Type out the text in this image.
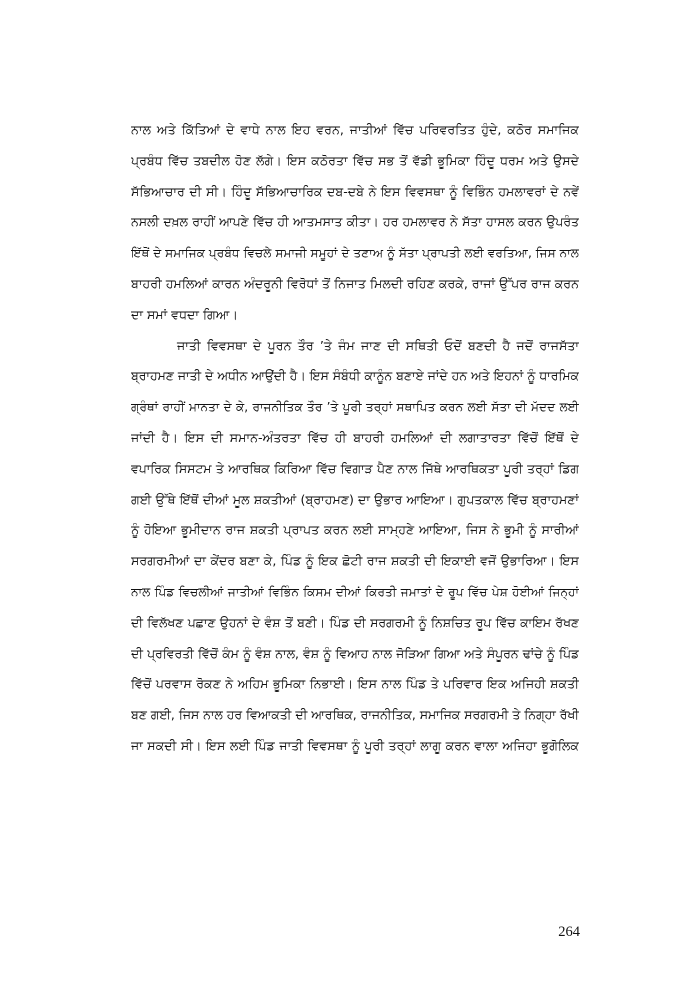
ਨਾਲ ਅਤੇ ਕਿੱਤਿਆਂ ਦੇ ਵਾਧੇ ਨਾਲ ਇਹ ਵਰਨ, ਜਾਤੀਆਂ ਵਿੱਚ ਪਰਿਵਰਤਿਤ ਹੁੰਦੇ, ਕਠੋਰ ਸਮਾਜਿਕ
ਪ੍ਰਬੰਧ ਵਿੱਚ ਤਬਦੀਲ ਹੋਣ ਲੱਗੇ। ਇਸ ਕਠੋਰਤਾ ਵਿੱਚ ਸਭ ਤੋਂ ਵੱਡੀ ਭੂਮਿਕਾ ਹਿੰਦੂ ਧਰਮ ਅਤੇ ਉਸਦੇ
ਸੱਭਿਆਚਾਰ ਦੀ ਸੀ। ਹਿੰਦੂ ਸੱਭਿਆਚਾਰਿਕ ਦਬ-ਦਬੇ ਨੇ ਇਸ ਵਿਵਸਥਾ ਨੂੰ ਵਿਭਿੰਨ ਹਮਲਾਵਰਾਂ ਦੇ ਨਵੇਂ
ਨਸਲੀ ਦਖ਼ਲ ਰਾਹੀਂ ਆਪਣੇ ਵਿੱਚ ਹੀ ਆਤਮਸਾਤ ਕੀਤਾ। ਹਰ ਹਮਲਾਵਰ ਨੇ ਸੱਤਾ ਹਾਸਲ ਕਰਨ ਉਪਰੰਤ
ਇੱਥੋਂ ਦੇ ਸਮਾਜਿਕ ਪ੍ਰਬੰਧ ਵਿਚਲੇ ਸਮਾਜੀ ਸਮੂਹਾਂ ਦੇ ਤਣਾਅ ਨੂੰ ਸੱਤਾ ਪ੍ਰਾਪਤੀ ਲਈ ਵਰਤਿਆ, ਜਿਸ ਨਾਲ
ਬਾਹਰੀ ਹਮਲਿਆਂ ਕਾਰਨ ਅੰਦਰੂਨੀ ਵਿਰੋਧਾਂ ਤੋਂ ਨਿਜਾਤ ਮਿਲਦੀ ਰਹਿਣ ਕਰਕੇ, ਰਾਜਾਂ ਉੱਪਰ ਰਾਜ ਕਰਨ
ਦਾ ਸਮਾਂ ਵਧਦਾ ਗਿਆ।

ਜਾਤੀ ਵਿਵਸਥਾ ਦੇ ਪੂਰਨ ਤੌਰ ’ਤੇ ਜੰਮ ਜਾਣ ਦੀ ਸਥਿਤੀ ਓਦੋਂ ਬਣਦੀ ਹੈ ਜਦੋਂ ਰਾਜਸੱਤਾ
ਬ੍ਰਾਹਮਣ ਜਾਤੀ ਦੇ ਅਧੀਨ ਆਉਂਦੀ ਹੈ। ਇਸ ਸੰਬੰਧੀ ਕਾਨੂੰਨ ਬਣਾਏ ਜਾਂਦੇ ਹਨ ਅਤੇ ਇਹਨਾਂ ਨੂੰ ਧਾਰਮਿਕ
ਗ੍ਰੰਥਾਂ ਰਾਹੀਂ ਮਾਨਤਾ ਦੇ ਕੇ, ਰਾਜਨੀਤਿਕ ਤੌਰ ’ਤੇ ਪੂਰੀ ਤਰ੍ਹਾਂ ਸਥਾਪਿਤ ਕਰਨ ਲਈ ਸੱਤਾ ਦੀ ਮੱਦਦ ਲਈ
ਜਾਂਦੀ ਹੈ। ਇਸ ਦੀ ਸਮਾਨ-ਅੰਤਰਤਾ ਵਿੱਚ ਹੀ ਬਾਹਰੀ ਹਮਲਿਆਂ ਦੀ ਲਗਾਤਾਰਤਾ ਵਿੱਚੋਂ ਇੱਥੋਂ ਦੇ
ਵਪਾਰਿਕ ਸਿਸਟਮ ਤੇ ਆਰਥਿਕ ਕਿਰਿਆ ਵਿੱਚ ਵਿਗਾੜ ਪੈਣ ਨਾਲ ਜਿੱਥੇ ਆਰਥਿਕਤਾ ਪੂਰੀ ਤਰ੍ਹਾਂ ਡਿਗ
ਗਈ ਉੱਥੇ ਇੱਥੋਂ ਦੀਆਂ ਮੂਲ ਸ਼ਕਤੀਆਂ (ਬ੍ਰਾਹਮਣ) ਦਾ ਉਭਾਰ ਆਇਆ। ਗੁਪਤਕਾਲ ਵਿੱਚ ਬ੍ਰਾਹਮਣਾਂ
ਨੂੰ ਹੋਇਆ ਭੂਮੀਦਾਨ ਰਾਜ ਸ਼ਕਤੀ ਪ੍ਰਾਪਤ ਕਰਨ ਲਈ ਸਾਮ੍ਹਣੇ ਆਇਆ, ਜਿਸ ਨੇ ਭੂਮੀ ਨੂੰ ਸਾਰੀਆਂ
ਸਰਗਰਮੀਆਂ ਦਾ ਕੇਂਦਰ ਬਣਾ ਕੇ, ਪਿੰਡ ਨੂੰ ਇਕ ਛੋਟੀ ਰਾਜ ਸ਼ਕਤੀ ਦੀ ਇਕਾਈ ਵਜੋਂ ਉਭਾਰਿਆ। ਇਸ
ਨਾਲ ਪਿੰਡ ਵਿਚਲੀਆਂ ਜਾਤੀਆਂ ਵਿਭਿੰਨ ਕਿਸਮ ਦੀਆਂ ਕਿਰਤੀ ਜਮਾਤਾਂ ਦੇ ਰੂਪ ਵਿੱਚ ਪੇਸ਼ ਹੋਈਆਂ ਜਿਨ੍ਹਾਂ
ਦੀ ਵਿਲੱਖਣ ਪਛਾਣ ਉਹਨਾਂ ਦੇ ਵੰਸ਼ ਤੋਂ ਬਣੀ। ਪਿੰਡ ਦੀ ਸਰਗਰਮੀ ਨੂੰ ਨਿਸ਼ਚਿਤ ਰੂਪ ਵਿੱਚ ਕਾਇਮ ਰੱਖਣ
ਦੀ ਪ੍ਰਵਿਰਤੀ ਵਿੱਚੋਂ ਕੰਮ ਨੂੰ ਵੰਸ਼ ਨਾਲ, ਵੰਸ਼ ਨੂੰ ਵਿਆਹ ਨਾਲ ਜੋੜਿਆ ਗਿਆ ਅਤੇ ਸੰਪੂਰਨ ਢਾਂਚੇ ਨੂੰ ਪਿੰਡ
ਵਿੱਚੋਂ ਪਰਵਾਸ ਰੋਕਣ ਨੇ ਅਹਿਮ ਭੂਮਿਕਾ ਨਿਭਾਈ। ਇਸ ਨਾਲ ਪਿੰਡ ਤੇ ਪਰਿਵਾਰ ਇਕ ਅਜਿਹੀ ਸ਼ਕਤੀ
ਬਣ ਗਈ, ਜਿਸ ਨਾਲ ਹਰ ਵਿਆਕਤੀ ਦੀ ਆਰਥਿਕ, ਰਾਜਨੀਤਿਕ, ਸਮਾਜਿਕ ਸਰਗਰਮੀ ਤੇ ਨਿਗ੍ਹਾ ਰੱਖੀ
ਜਾ ਸਕਦੀ ਸੀ। ਇਸ ਲਈ ਪਿੰਡ ਜਾਤੀ ਵਿਵਸਥਾ ਨੂੰ ਪੂਰੀ ਤਰ੍ਹਾਂ ਲਾਗੂ ਕਰਨ ਵਾਲਾ ਅਜਿਹਾ ਭੂਗੋਲਿਕ

264
